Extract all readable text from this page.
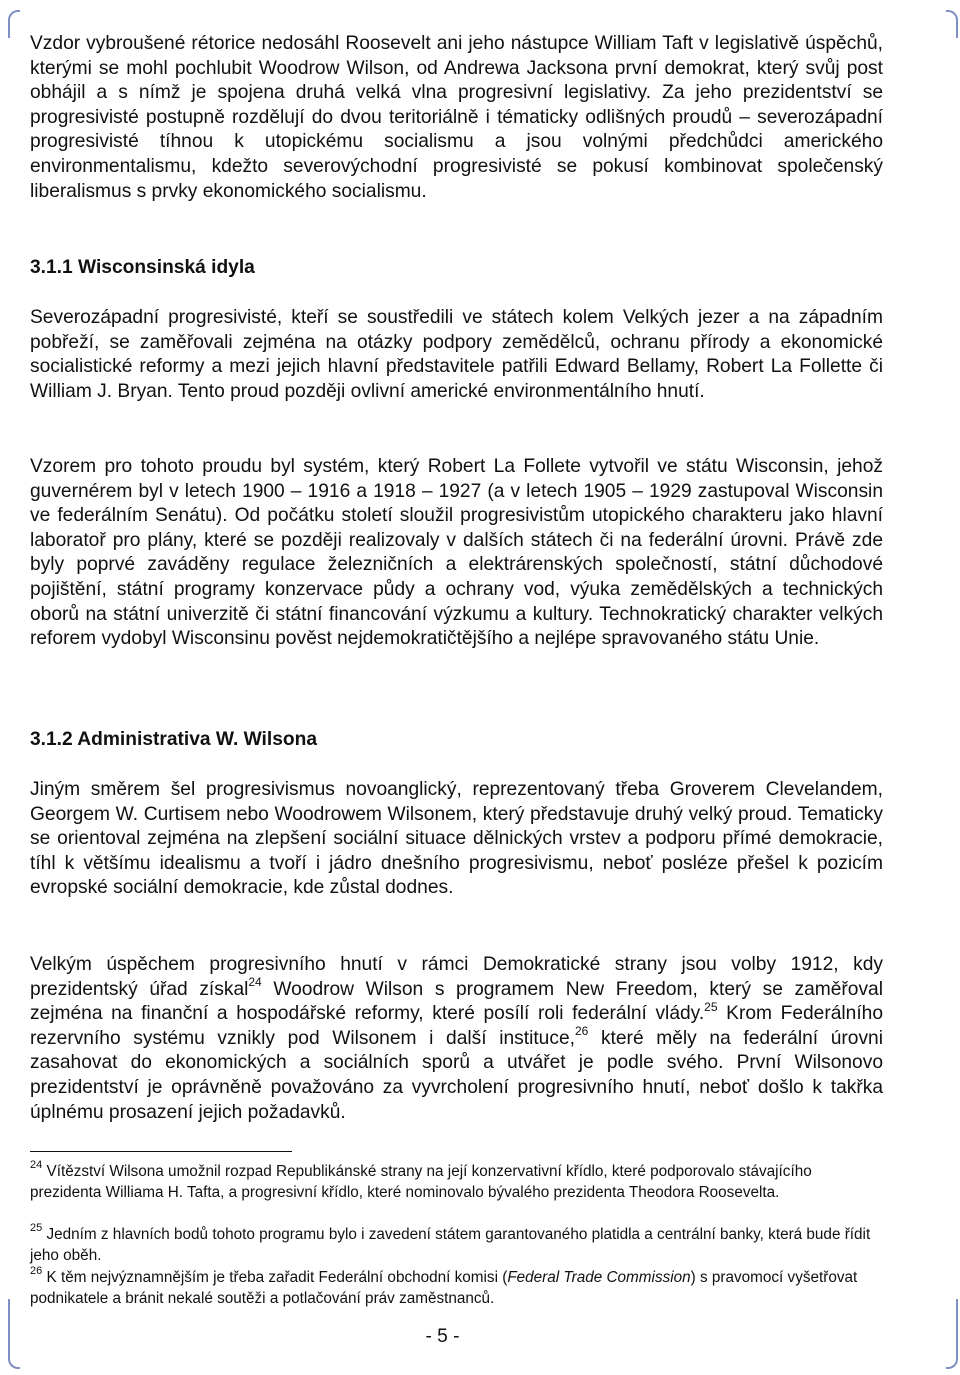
Vzdor vybroušené rétorice nedosáhl Roosevelt ani jeho nástupce William Taft v legislativě úspěchů, kterými se mohl pochlubit Woodrow Wilson, od Andrewa Jacksona první demokrat, který svůj post obhájil a s nímž je spojena druhá velká vlna progresivní legislativy. Za jeho prezidentství se progresivisté postupně rozdělují do dvou teritoriálně i tématicky odlišných proudů – severozápadní progresivisté tíhnou k utopickému socialismu a jsou volnými předchůdci amerického environmentalismu, kdežto severovýchodní progresivisté se pokusí kombinovat společenský liberalismus s prvky ekonomického socialismu.

3.1.1 Wisconsinská idyla

Severozápadní progresivisté, kteří se soustředili ve státech kolem Velkých jezer a na západním pobřeží, se zaměřovali zejména na otázky podpory zemědělců, ochranu přírody a ekonomické socialistické reformy a mezi jejich hlavní představitele patřili Edward Bellamy, Robert La Follette či William J. Bryan. Tento proud později ovlivní americké environmentálního hnutí.

Vzorem pro tohoto proudu byl systém, který Robert La Follete vytvořil ve státu Wisconsin, jehož guvernérem byl v letech 1900 – 1916 a 1918 – 1927 (a v letech 1905 – 1929 zastupoval Wisconsin ve federálním Senátu). Od počátku století sloužil progresivistům utopického charakteru jako hlavní laboratoř pro plány, které se později realizovaly v dalších státech či na federální úrovni. Právě zde byly poprvé zaváděny regulace železničních a elektrárenských společností, státní důchodové pojištění, státní programy konzervace půdy a ochrany vod, výuka zemědělských a technických oborů na státní univerzitě či státní financování výzkumu a kultury. Technokratický charakter velkých reforem vydobyl Wisconsinu pověst nejdemokratičtějšího a nejlépe spravovaného státu Unie.

3.1.2 Administrativa W. Wilsona

Jiným směrem šel progresivismus novoanglický, reprezentovaný třeba Groverem Clevelandem, Georgem W. Curtisem nebo Woodrowem Wilsonem, který představuje druhý velký proud. Tematicky se orientoval zejména na zlepšení sociální situace dělnických vrstev a podporu přímé demokracie, tíhl k většímu idealismu a tvoří i jádro dnešního progresivismu, neboť posléze přešel k pozicím evropské sociální demokracie, kde zůstal dodnes.

Velkým úspěchem progresivního hnutí v rámci Demokratické strany jsou volby 1912, kdy prezidentský úřad získal$^{24}$ Woodrow Wilson s programem New Freedom, který se zaměřoval zejména na finanční a hospodářské reformy, které posílí roli federální vlády.$^{25}$ Krom Federálního rezervního systému vznikly pod Wilsonem i další instituce,$^{26}$ které měly na federální úrovni zasahovat do ekonomických a sociálních sporů a utvářet je podle svého. První Wilsonovo prezidentství je oprávněně považováno za vyvrcholení progresivního hnutí, neboť došlo k takřka úplnému prosazení jejich požadavků.

$^{24}$ Vítězství Wilsona umožnil rozpad Republikánské strany na její konzervativní křídlo, které podporovalo stávajícího prezidenta Williama H. Tafta, a progresivní křídlo, které nominovalo bývalého prezidenta Theodora Roosevelta.

$^{25}$ Jedním z hlavních bodů tohoto programu bylo i zavedení státem garantovaného platidla a centrální banky, která bude řídit jeho oběh.

$^{26}$ K těm nejvýznamnějším je třeba zařadit Federální obchodní komisi (Federal Trade Commission) s pravomocí vyšetřovat podnikatele a bránit nekalé soutěži a potlačování práv zaměstnanců.

- 5 -
